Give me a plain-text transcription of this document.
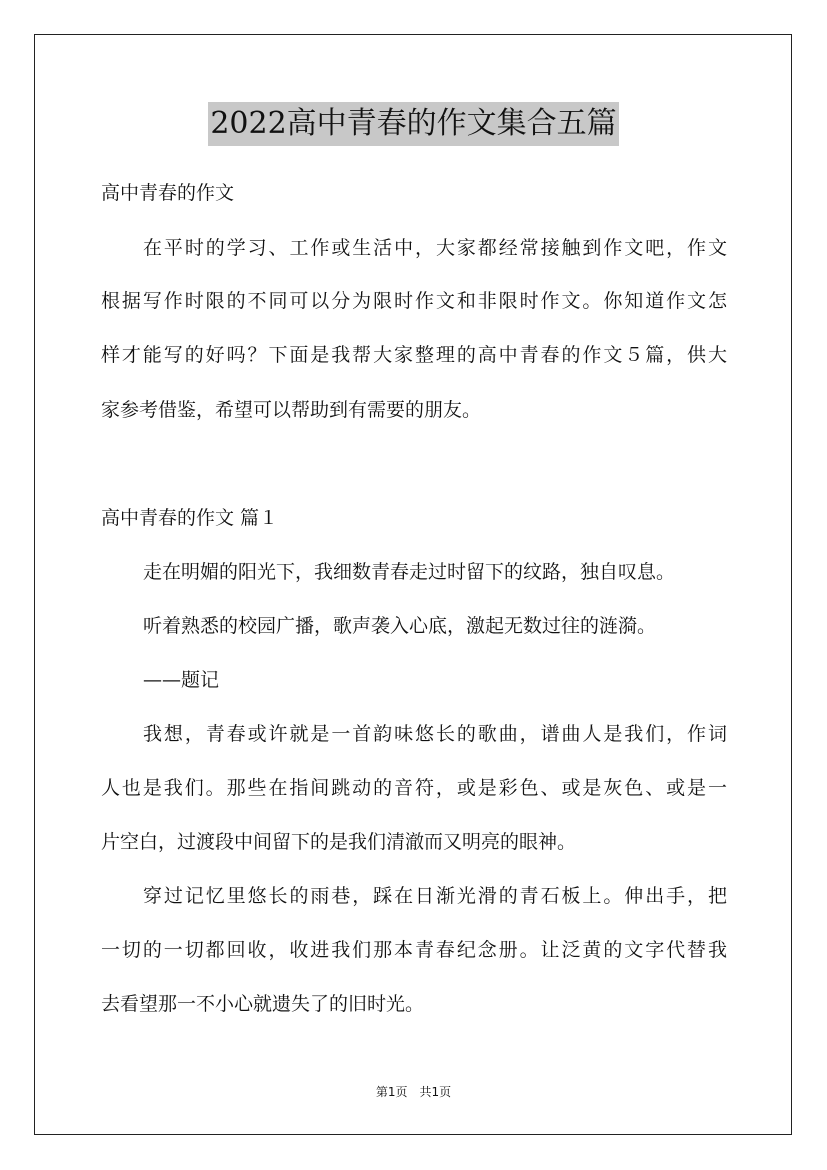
2022高中青春的作文集合五篇
高中青春的作文
在平时的学习、工作或生活中，大家都经常接触到作文吧，作文
根据写作时限的不同可以分为限时作文和非限时作文。你知道作文怎
样才能写的好吗？下面是我帮大家整理的高中青春的作文５篇，供大
家参考借鉴，希望可以帮助到有需要的朋友。
高中青春的作文 篇１
走在明媚的阳光下，我细数青春走过时留下的纹路，独自叹息。
听着熟悉的校园广播，歌声袭入心底，激起无数过往的涟漪。
——题记
我想，青春或许就是一首韵味悠长的歌曲，谱曲人是我们，作词
人也是我们。那些在指间跳动的音符，或是彩色、或是灰色、或是一
片空白，过渡段中间留下的是我们清澈而又明亮的眼神。
穿过记忆里悠长的雨巷，踩在日渐光滑的青石板上。伸出手，把
一切的一切都回收，收进我们那本青春纪念册。让泛黄的文字代替我
去看望那一不小心就遗失了的旧时光。
第1页　共1页
